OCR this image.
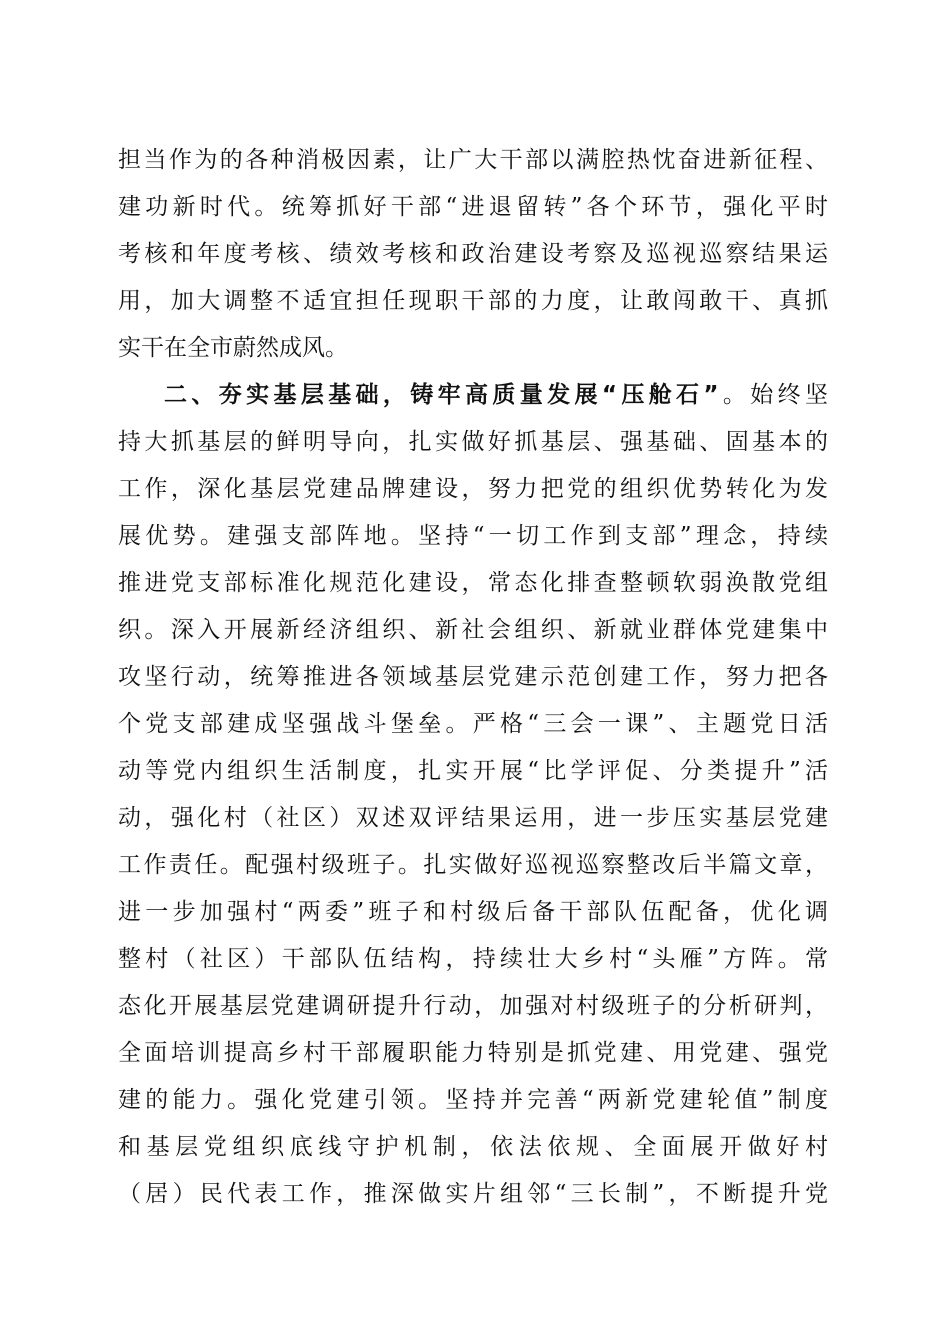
担当作为的各种消极因素，让广大干部以满腔热忱奋进新征程、
建功新时代。统筹抓好干部“进退留转”各个环节，强化平时
考核和年度考核、绩效考核和政治建设考察及巡视巡察结果运
用，加大调整不适宜担任现职干部的力度，让敢闯敢干、真抓
实干在全市蔚然成风。
二、夯实基层基础，铸牢高质量发展“压舱石”。始终坚
持大抓基层的鲜明导向，扎实做好抓基层、强基础、固基本的
工作，深化基层党建品牌建设，努力把党的组织优势转化为发
展优势。建强支部阵地。坚持“一切工作到支部”理念，持续
推进党支部标准化规范化建设，常态化排查整顿软弱涣散党组
织。深入开展新经济组织、新社会组织、新就业群体党建集中
攻坚行动，统筹推进各领域基层党建示范创建工作，努力把各
个党支部建成坚强战斗堡垒。严格“三会一课”、主题党日活
动等党内组织生活制度，扎实开展“比学评促、分类提升”活
动，强化村（社区）双述双评结果运用，进一步压实基层党建
工作责任。配强村级班子。扎实做好巡视巡察整改后半篇文章，
进一步加强村“两委”班子和村级后备干部队伍配备，优化调
整村（社区）干部队伍结构，持续壮大乡村“头雁”方阵。常
态化开展基层党建调研提升行动，加强对村级班子的分析研判，
全面培训提高乡村干部履职能力特别是抓党建、用党建、强党
建的能力。强化党建引领。坚持并完善“两新党建轮值”制度
和基层党组织底线守护机制，依法依规、全面展开做好村
（居）民代表工作，推深做实片组邻“三长制”，不断提升党
